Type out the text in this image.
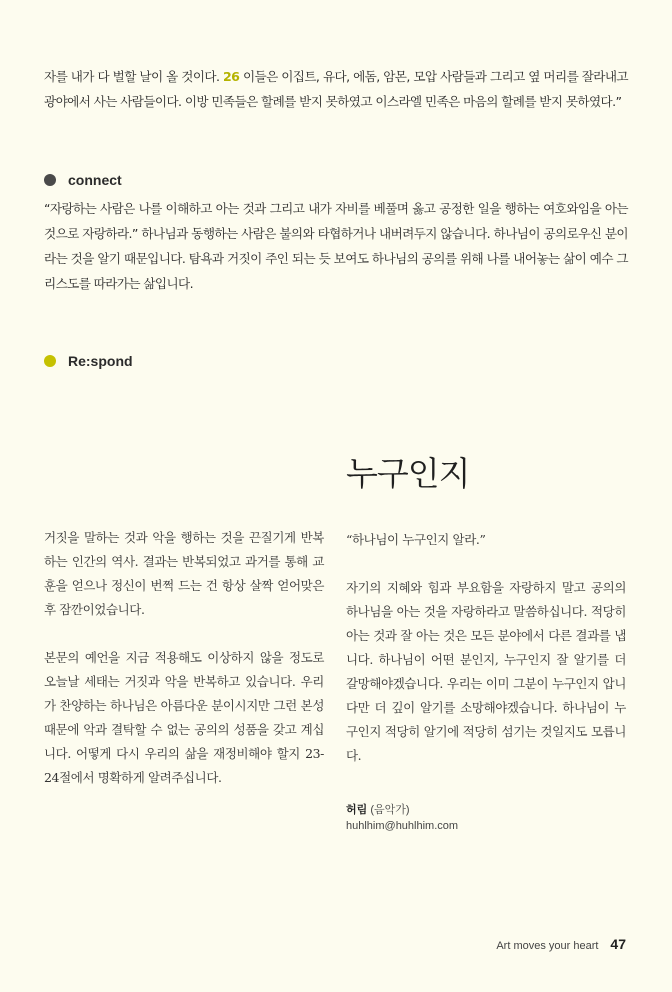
자를 내가 다 벌할 날이 올 것이다. 26 이들은 이집트, 유다, 에돔, 암몬, 모압 사람들과 그리고 옆 머리를 잘라내고 광야에서 사는 사람들이다. 이방 민족들은 할례를 받지 못하였고 이스라엘 민족은 마음의 할례를 받지 못하였다.”
connect
“자랑하는 사람은 나를 이해하고 아는 것과 그리고 내가 자비를 베풀며 옳고 공정한 일을 행하는 여호와임을 아는 것으로 자랑하라.” 하나님과 동행하는 사람은 불의와 타협하거나 내버려두지 않습니다. 하나님이 공의로우신 분이라는 것을 알기 때문입니다. 탐욕과 거짓이 주인 되는 듯 보여도 하나님의 공의를 위해 나를 내어놓는 삶이 예수 그리스도를 따라가는 삶입니다.
Re:spond
누구인지

거짓을 말하는 것과 악을 행하는 것을 끈질기게 반복하는 인간의 역사. 결과는 반복되었고 과거를 통해 교훈을 얻으나 정신이 번쩍 드는 건 항상 살짝 얻어맞은 후 잠깐이었습니다.

본문의 예언을 지금 적용해도 이상하지 않을 정도로 오늘날 세태는 거짓과 악을 반복하고 있습니다. 우리가 찬양하는 하나님은 아름다운 분이시지만 그런 본성 때문에 악과 결탁할 수 없는 공의의 성품을 갖고 계십니다. 어떻게 다시 우리의 삶을 재정비해야 할지 23-24절에서 명확하게 알려주십니다.

“하나님이 누구인지 알라.”

자기의 지혜와 힘과 부요함을 자랑하지 말고 공의의 하나님을 아는 것을 자랑하라고 말씀하십니다. 적당히 아는 것과 잘 아는 것은 모든 분야에서 다른 결과를 냅니다. 하나님이 어떤 분인지, 누구인지 잘 알기를 더 갈망해야겠습니다. 우리는 이미 그분이 누구인지 압니다만 더 깊이 알기를 소망해야겠습니다. 하나님이 누구인지 적당히 알기에 적당히 섬기는 것일지도 모릅니다.

허림 (음악가)
huhlhim@huhlhim.com
Art moves your heart 47
